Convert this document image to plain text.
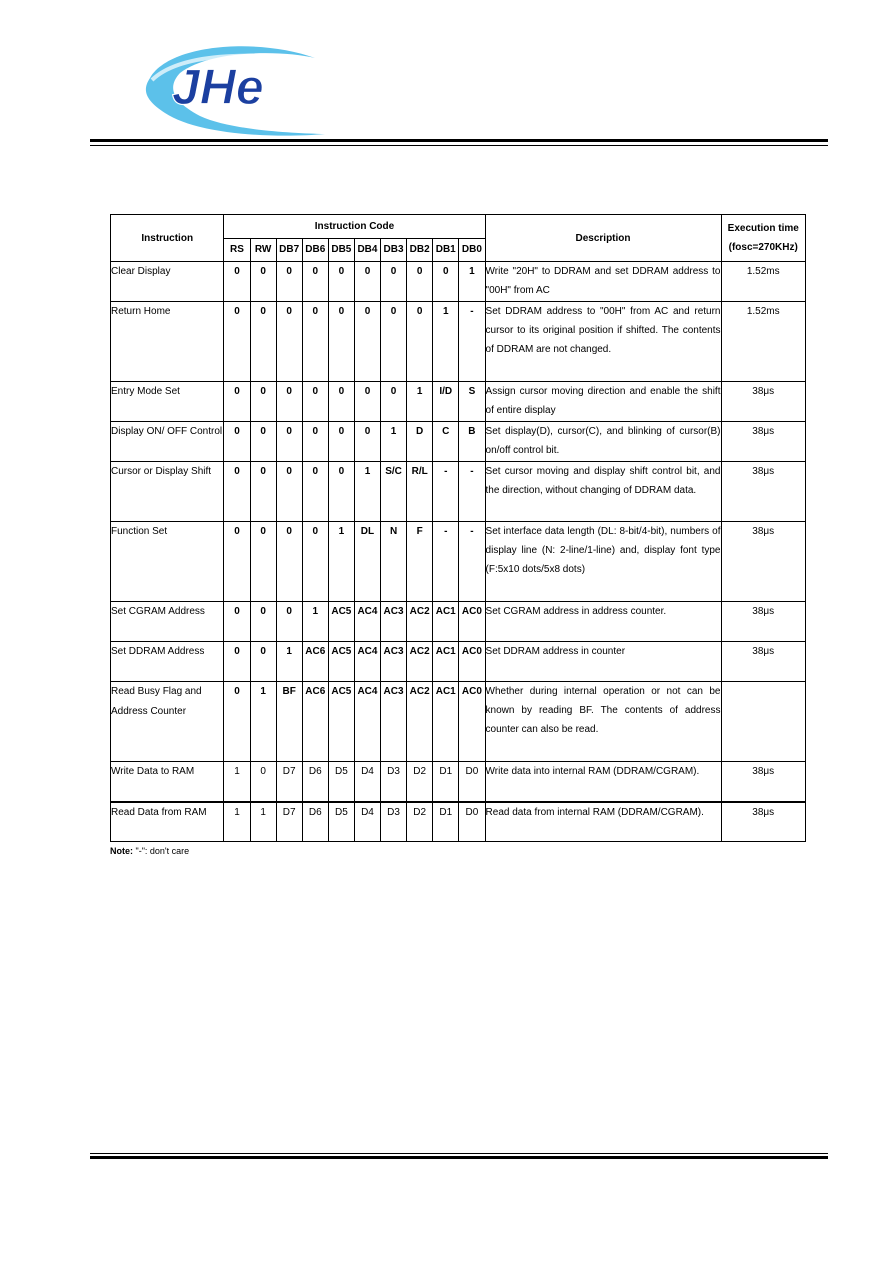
JHe
Instruction	Instruction Code										Description	Execution time
(fosc=270KHz)
	RS	RW	DB7	DB6	DB5	DB4	DB3	DB2	DB1	DB0		
Clear Display	0	0	0	0	0	0	0	0	0	1	Write "20H" to DDRAM and set DDRAM address to "00H" from AC	1.52ms
Return Home	0	0	0	0	0	0	0	0	1	-	Set DDRAM address to "00H" from AC and return cursor to its original position if shifted. The contents of DDRAM are not changed.	1.52ms
Entry Mode Set	0	0	0	0	0	0	0	1	I/D	S	Assign cursor moving direction and enable the shift of entire display	38μs
Display ON/ OFF Control	0	0	0	0	0	0	1	D	C	B	Set display(D), cursor(C), and blinking of cursor(B) on/off control bit.	38μs
Cursor or Display Shift	0	0	0	0	0	1	S/C	R/L	-	-	Set cursor moving and display shift control bit, and the direction, without changing of DDRAM data.	38μs
Function Set	0	0	0	0	1	DL	N	F	-	-	Set interface data length (DL: 8-bit/4-bit), numbers of display line (N: 2-line/1-line) and, display font type (F:5x10 dots/5x8 dots)	38μs
Set CGRAM Address	0	0	0	1	AC5	AC4	AC3	AC2	AC1	AC0	Set CGRAM address in address counter.	38μs
Set DDRAM Address	0	0	1	AC6	AC5	AC4	AC3	AC2	AC1	AC0	Set DDRAM address in counter	38μs
Read Busy Flag and Address Counter	0	1	BF	AC6	AC5	AC4	AC3	AC2	AC1	AC0	Whether during internal operation or not can be known by reading BF. The contents of address counter can also be read.	
Write Data to RAM	1	0	D7	D6	D5	D4	D3	D2	D1	D0	Write data into internal RAM (DDRAM/CGRAM).	38μs
Read Data from RAM	1	1	D7	D6	D5	D4	D3	D2	D1	D0	Read data from internal RAM (DDRAM/CGRAM).	38μs
Note: "-": don't care
